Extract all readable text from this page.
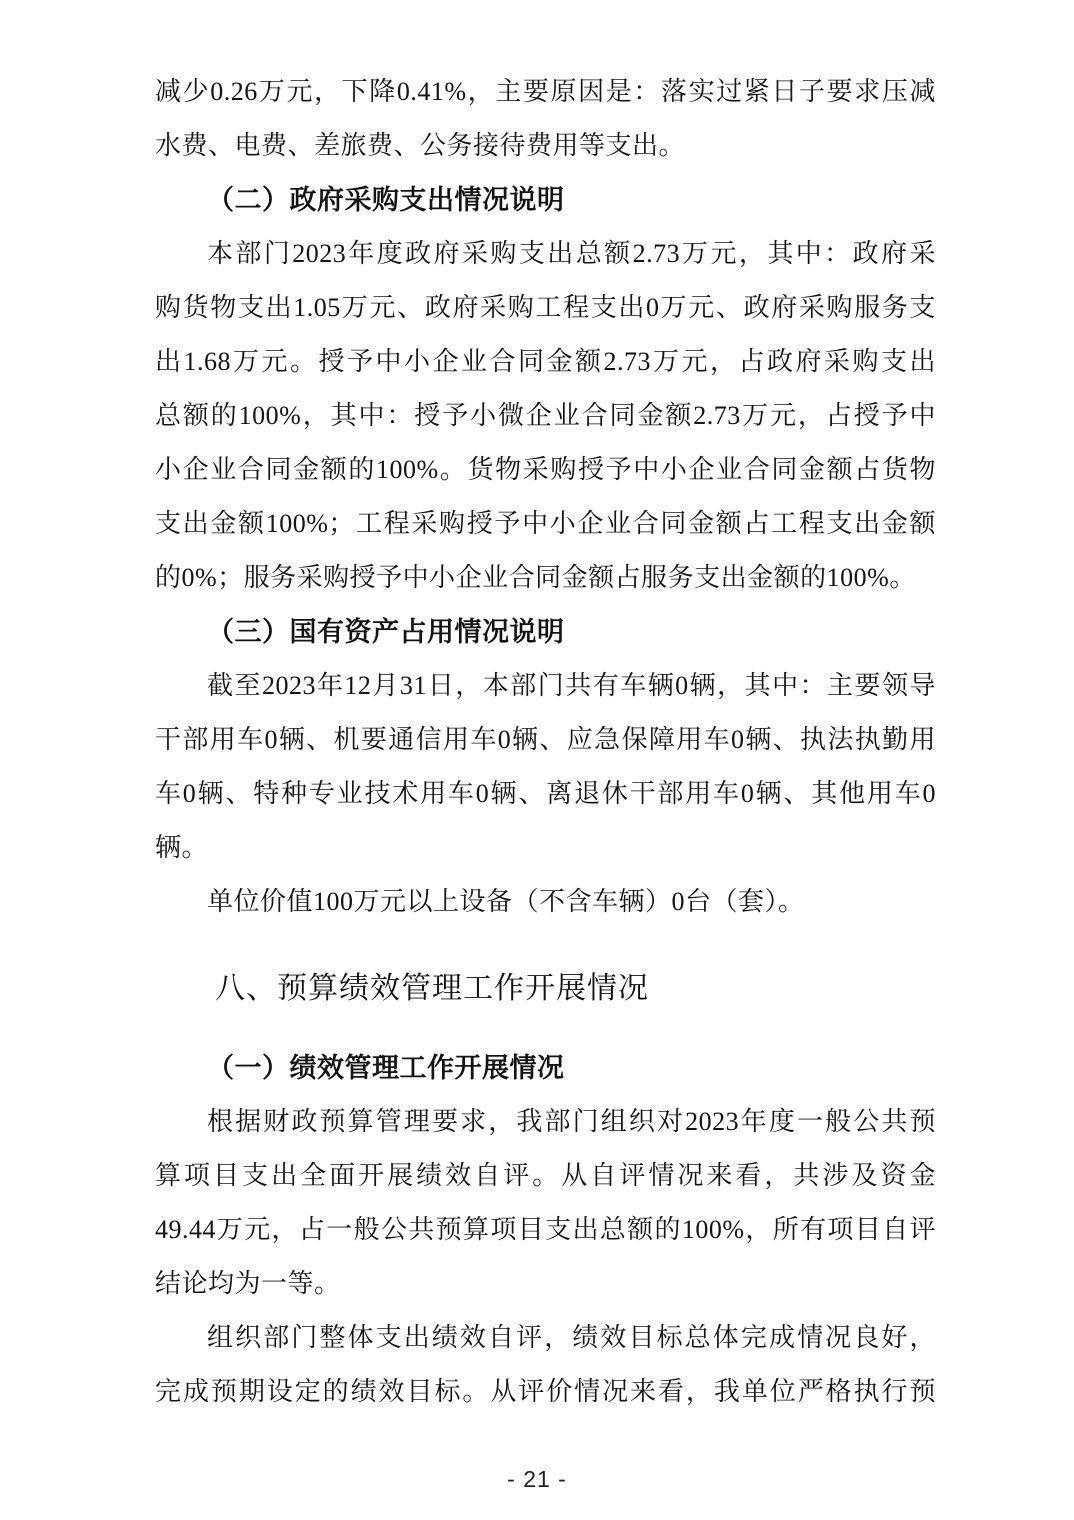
减少0.26万元，下降0.41%，主要原因是：落实过紧日子要求压减
水费、电费、差旅费、公务接待费用等支出。
（二）政府采购支出情况说明
本部门2023年度政府采购支出总额2.73万元，其中：政府采
购货物支出1.05万元、政府采购工程支出0万元、政府采购服务支
出1.68万元。授予中小企业合同金额2.73万元，占政府采购支出
总额的100%，其中：授予小微企业合同金额2.73万元，占授予中
小企业合同金额的100%。货物采购授予中小企业合同金额占货物
支出金额100%；工程采购授予中小企业合同金额占工程支出金额
的0%；服务采购授予中小企业合同金额占服务支出金额的100%。
（三）国有资产占用情况说明
截至2023年12月31日，本部门共有车辆0辆，其中：主要领导
干部用车0辆、机要通信用车0辆、应急保障用车0辆、执法执勤用
车0辆、特种专业技术用车0辆、离退休干部用车0辆、其他用车0
辆。
单位价值100万元以上设备（不含车辆）0台（套）。
八、预算绩效管理工作开展情况
（一）绩效管理工作开展情况
根据财政预算管理要求，我部门组织对2023年度一般公共预
算项目支出全面开展绩效自评。从自评情况来看，共涉及资金
49.44万元，占一般公共预算项目支出总额的100%，所有项目自评
结论均为一等。
组织部门整体支出绩效自评，绩效目标总体完成情况良好，
完成预期设定的绩效目标。从评价情况来看，我单位严格执行预
- 21 -
